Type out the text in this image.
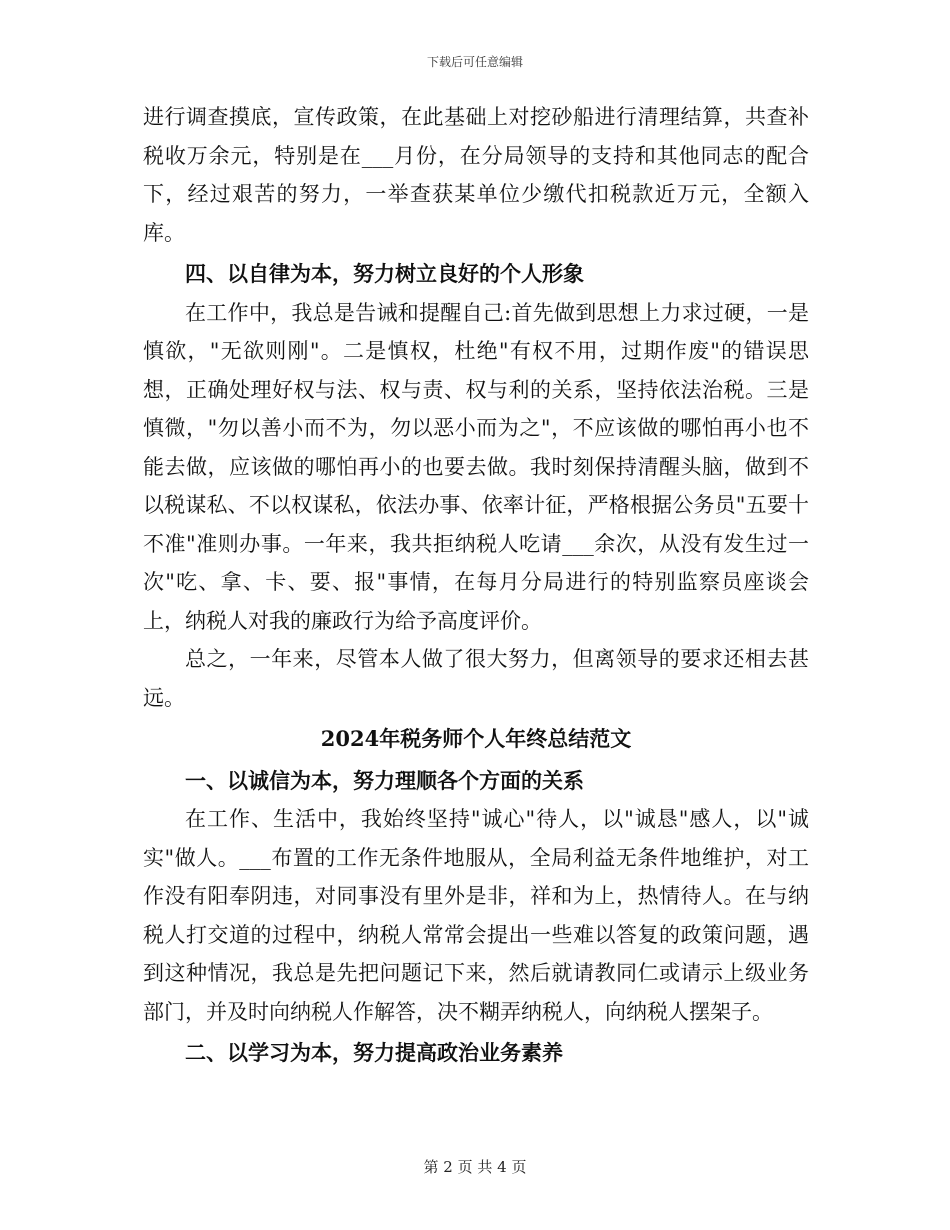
下载后可任意编辑

进行调查摸底，宣传政策，在此基础上对挖砂船进行清理结算，共查补税收万余元，特别是在___月份，在分局领导的支持和其他同志的配合下，经过艰苦的努力，一举查获某单位少缴代扣税款近万元，全额入库。

四、以自律为本，努力树立良好的个人形象

在工作中，我总是告诫和提醒自己:首先做到思想上力求过硬，一是慎欲，"无欲则刚"。二是慎权，杜绝"有权不用，过期作废"的错误思想，正确处理好权与法、权与责、权与利的关系，坚持依法治税。三是慎微，"勿以善小而不为，勿以恶小而为之"，不应该做的哪怕再小也不能去做，应该做的哪怕再小的也要去做。我时刻保持清醒头脑，做到不以税谋私、不以权谋私，依法办事、依率计征，严格根据公务员"五要十不准"准则办事。一年来，我共拒纳税人吃请___余次，从没有发生过一次"吃、拿、卡、要、报"事情，在每月分局进行的特别监察员座谈会上，纳税人对我的廉政行为给予高度评价。

总之，一年来，尽管本人做了很大努力，但离领导的要求还相去甚远。

2024年税务师个人年终总结范文

一、以诚信为本，努力理顺各个方面的关系

在工作、生活中，我始终坚持"诚心"待人，以"诚恳"感人，以"诚实"做人。___布置的工作无条件地服从，全局利益无条件地维护，对工作没有阳奉阴违，对同事没有里外是非，祥和为上，热情待人。在与纳税人打交道的过程中，纳税人常常会提出一些难以答复的政策问题，遇到这种情况，我总是先把问题记下来，然后就请教同仁或请示上级业务部门，并及时向纳税人作解答，决不糊弄纳税人，向纳税人摆架子。

二、以学习为本，努力提高政治业务素养

第 2 页 共 4 页
